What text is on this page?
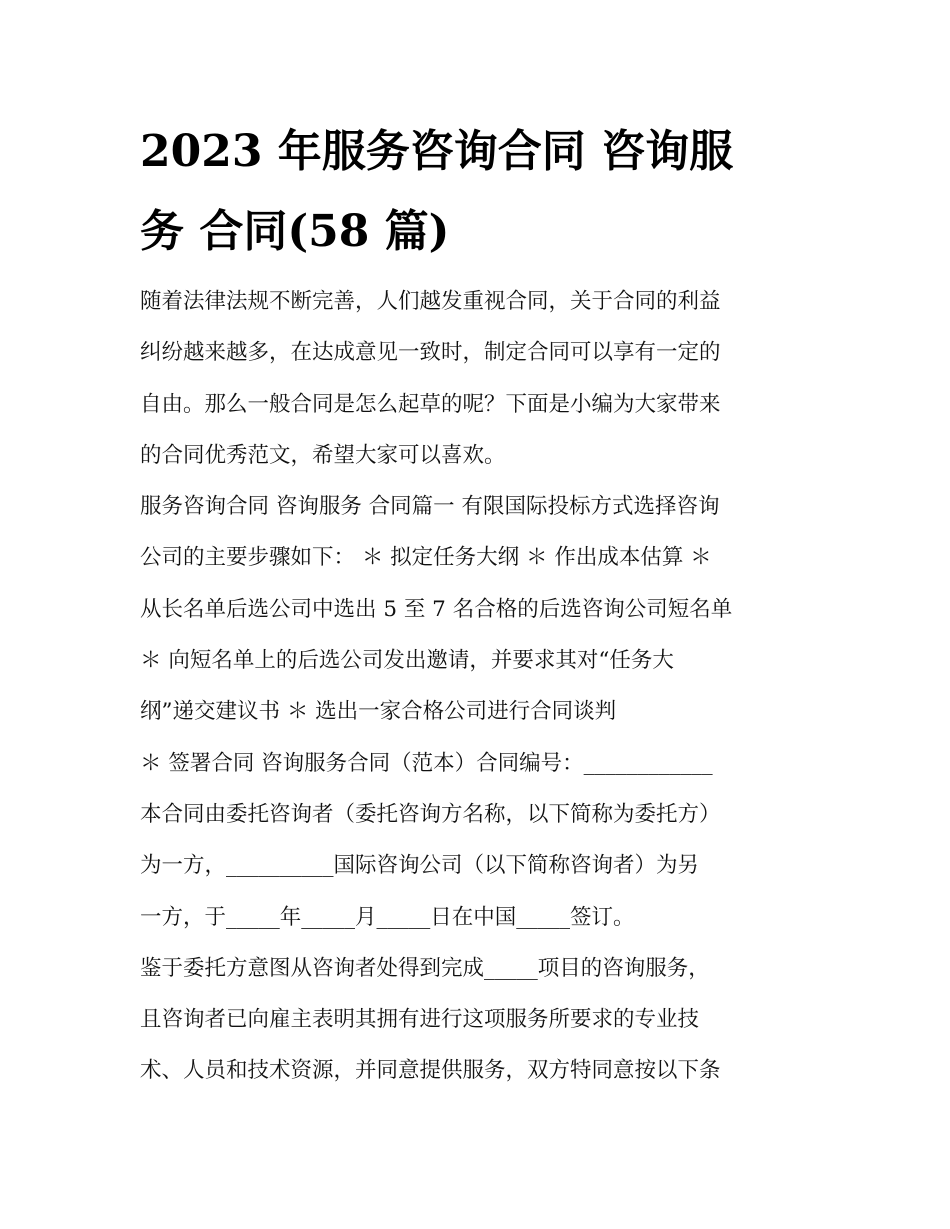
2023 年服务咨询合同 咨询服
务 合同(58 篇)

随着法律法规不断完善，人们越发重视合同，关于合同的利益
纠纷越来越多，在达成意见一致时，制定合同可以享有一定的
自由。那么一般合同是怎么起草的呢？下面是小编为大家带来
的合同优秀范文，希望大家可以喜欢。

服务咨询合同 咨询服务 合同篇一 有限国际投标方式选择咨询
公司的主要步骤如下： ＊ 拟定任务大纲 ＊ 作出成本估算 ＊
从长名单后选公司中选出 5 至 7 名合格的后选咨询公司短名单
＊ 向短名单上的后选公司发出邀请，并要求其对“任务大
纲”递交建议书 ＊ 选出一家合格公司进行合同谈判

＊ 签署合同 咨询服务合同（范本）合同编号：____________
本合同由委托咨询者（委托咨询方名称，以下简称为委托方）
为一方，__________国际咨询公司（以下简称咨询者）为另
一方，于_____年_____月_____日在中国_____签订。

鉴于委托方意图从咨询者处得到完成_____项目的咨询服务，
且咨询者已向雇主表明其拥有进行这项服务所要求的专业技
术、人员和技术资源，并同意提供服务，双方特同意按以下条
